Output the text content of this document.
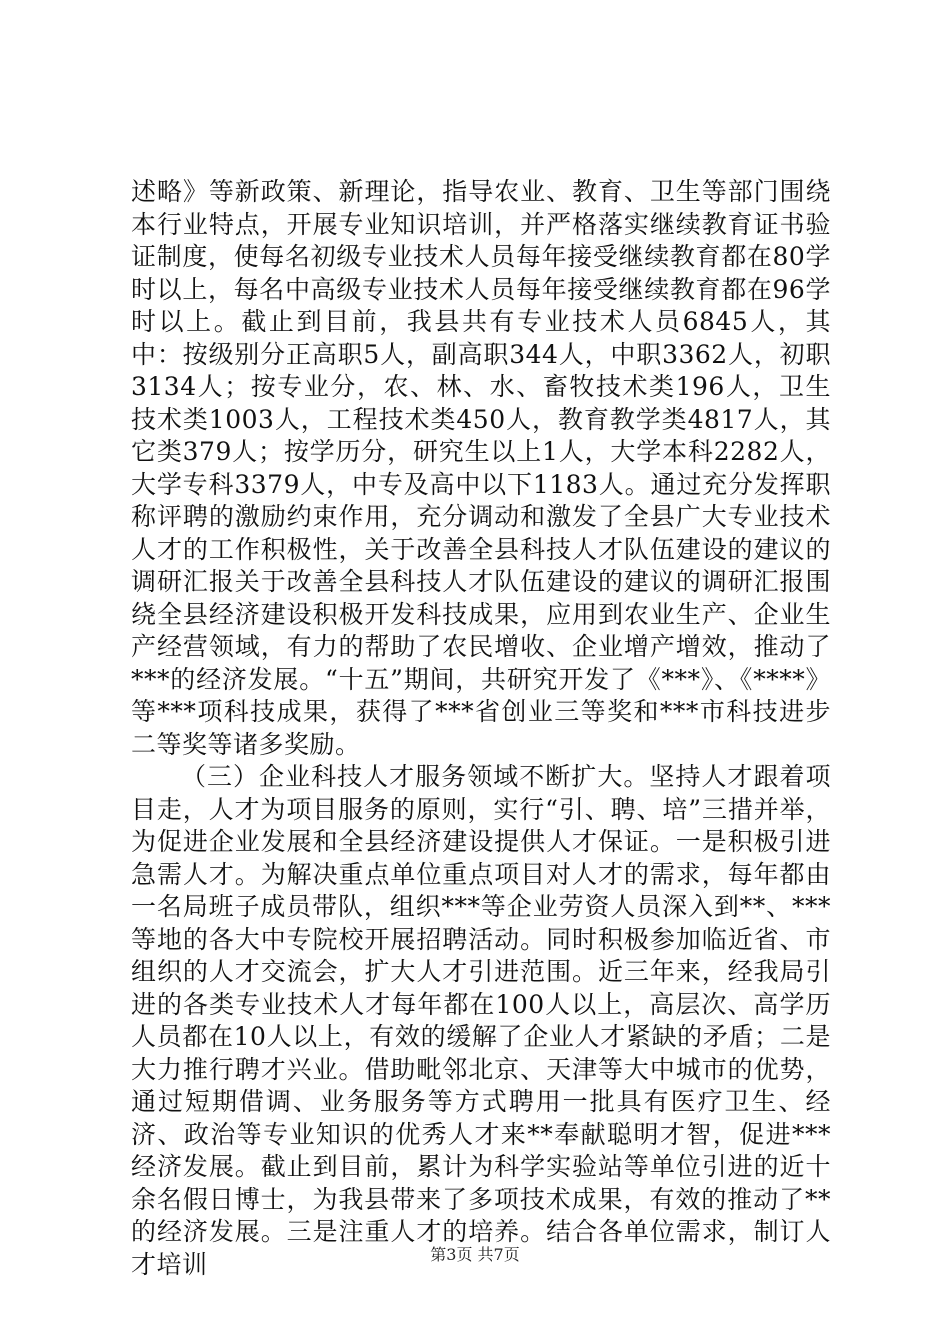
述略》等新政策、新理论，指导农业、教育、卫生等部门围绕本行业特点，开展专业知识培训，并严格落实继续教育证书验证制度，使每名初级专业技术人员每年接受继续教育都在80学时以上，每名中高级专业技术人员每年接受继续教育都在96学时以上。截止到目前，我县共有专业技术人员6845人，其中：按级别分正高职5人，副高职344人，中职3362人，初职3134人；按专业分，农、林、水、畜牧技术类196人，卫生技术类1003人，工程技术类450人，教育教学类4817人，其它类379人；按学历分，研究生以上1人，大学本科2282人，大学专科3379人，中专及高中以下1183人。通过充分发挥职称评聘的激励约束作用，充分调动和激发了全县广大专业技术人才的工作积极性，关于改善全县科技人才队伍建设的建议的调研汇报关于改善全县科技人才队伍建设的建议的调研汇报围绕全县经济建设积极开发科技成果，应用到农业生产、企业生产经营领域，有力的帮助了农民增收、企业增产增效，推动了***的经济发展。“十五”期间，共研究开发了《***》、《****》等***项科技成果，获得了***省创业三等奖和***市科技进步二等奖等诸多奖励。

（三）企业科技人才服务领域不断扩大。坚持人才跟着项目走，人才为项目服务的原则，实行“引、聘、培”三措并举，为促进企业发展和全县经济建设提供人才保证。一是积极引进急需人才。为解决重点单位重点项目对人才的需求，每年都由一名局班子成员带队，组织***等企业劳资人员深入到**、***等地的各大中专院校开展招聘活动。同时积极参加临近省、市组织的人才交流会，扩大人才引进范围。近三年来，经我局引进的各类专业技术人才每年都在100人以上，高层次、高学历人员都在10人以上，有效的缓解了企业人才紧缺的矛盾；二是大力推行聘才兴业。借助毗邻北京、天津等大中城市的优势，通过短期借调、业务服务等方式聘用一批具有医疗卫生、经济、政治等专业知识的优秀人才来**奉献聪明才智，促进***经济发展。截止到目前，累计为科学实验站等单位引进的近十余名假日博士，为我县带来了多项技术成果，有效的推动了**的经济发展。三是注重人才的培养。结合各单位需求，制订人才培训	第3页 共7页
